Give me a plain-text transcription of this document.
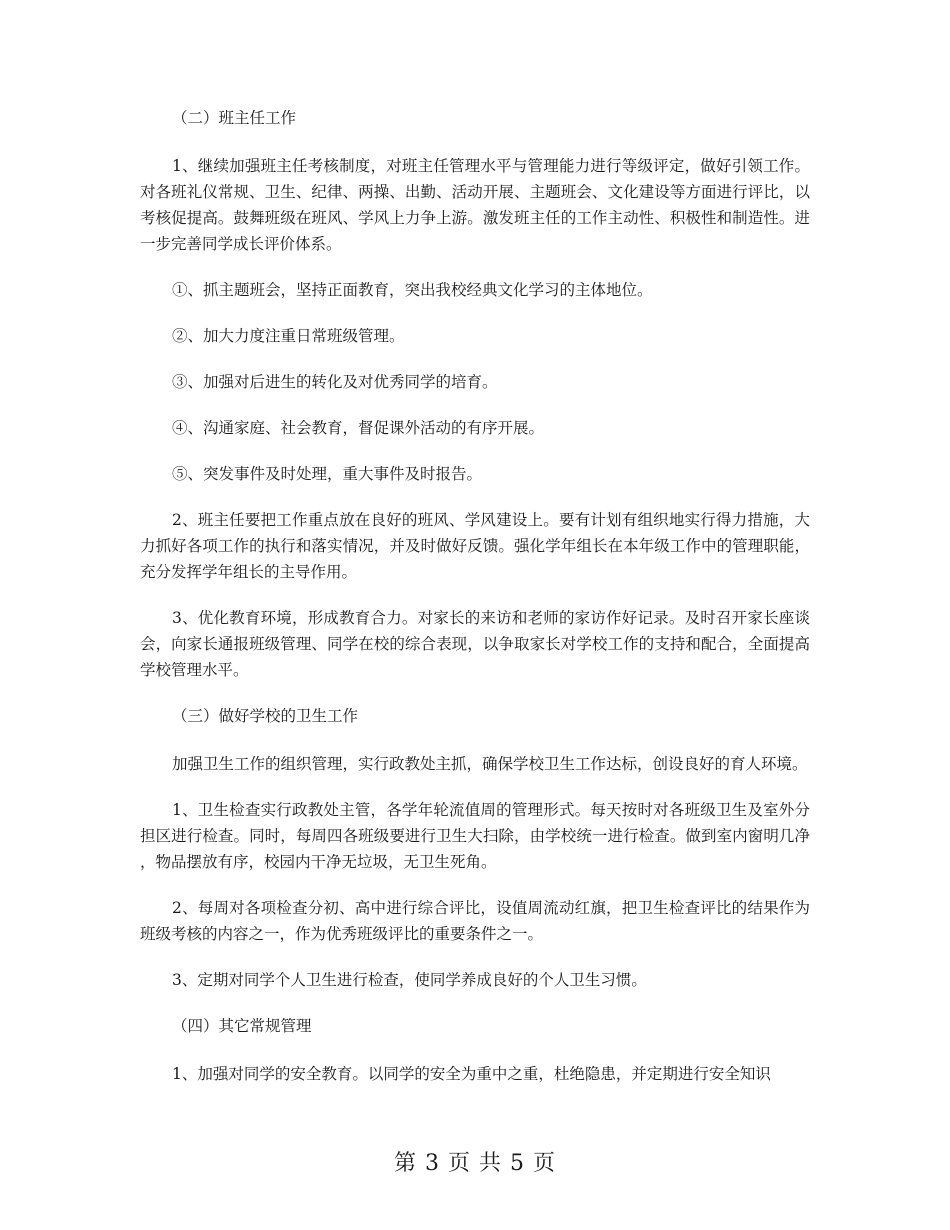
（二）班主任工作

1、继续加强班主任考核制度，对班主任管理水平与管理能力进行等级评定，做好引领工作。对各班礼仪常规、卫生、纪律、两操、出勤、活动开展、主题班会、文化建设等方面进行评比，以考核促提高。鼓舞班级在班风、学风上力争上游。激发班主任的工作主动性、积极性和制造性。进一步完善同学成长评价体系。

①、抓主题班会，坚持正面教育，突出我校经典文化学习的主体地位。

②、加大力度注重日常班级管理。

③、加强对后进生的转化及对优秀同学的培育。

④、沟通家庭、社会教育，督促课外活动的有序开展。

⑤、突发事件及时处理，重大事件及时报告。

2、班主任要把工作重点放在良好的班风、学风建设上。要有计划有组织地实行得力措施，大力抓好各项工作的执行和落实情况，并及时做好反馈。强化学年组长在本年级工作中的管理职能，充分发挥学年组长的主导作用。

3、优化教育环境，形成教育合力。对家长的来访和老师的家访作好记录。及时召开家长座谈会，向家长通报班级管理、同学在校的综合表现，以争取家长对学校工作的支持和配合，全面提高学校管理水平。

（三）做好学校的卫生工作

加强卫生工作的组织管理，实行政教处主抓，确保学校卫生工作达标，创设良好的育人环境。

1、卫生检查实行政教处主管，各学年轮流值周的管理形式。每天按时对各班级卫生及室外分担区进行检查。同时，每周四各班级要进行卫生大扫除，由学校统一进行检查。做到室内窗明几净，物品摆放有序，校园内干净无垃圾，无卫生死角。

2、每周对各项检查分初、高中进行综合评比，设值周流动红旗，把卫生检查评比的结果作为班级考核的内容之一，作为优秀班级评比的重要条件之一。

3、定期对同学个人卫生进行检查，使同学养成良好的个人卫生习惯。

（四）其它常规管理

1、加强对同学的安全教育。以同学的安全为重中之重，杜绝隐患，并定期进行安全知识

第 3 页 共 5 页
